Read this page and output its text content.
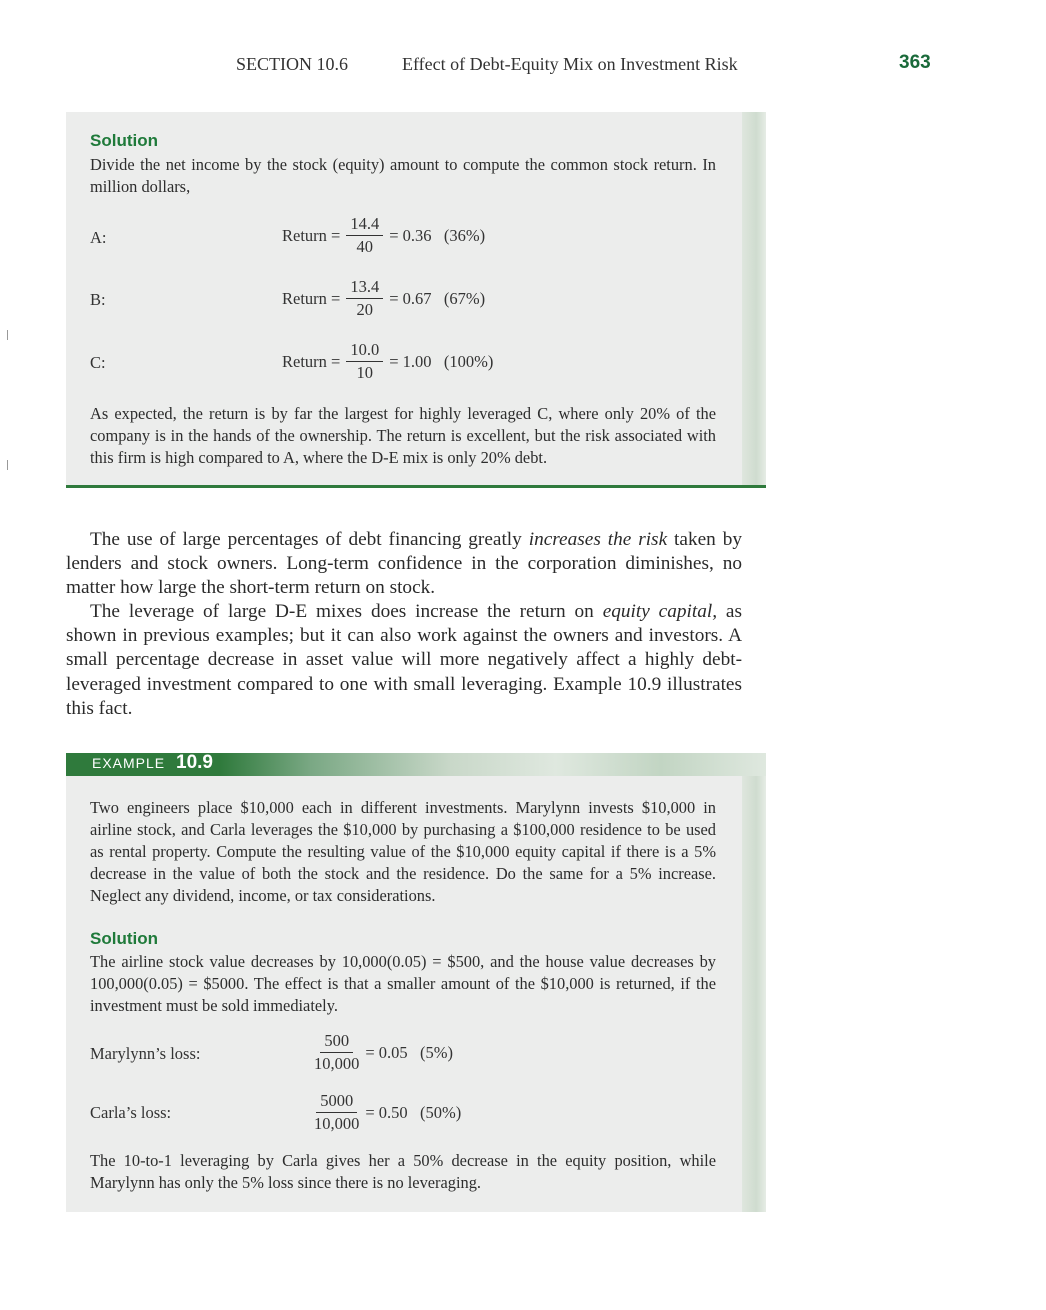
SECTION 10.6	Effect of Debt-Equity Mix on Investment Risk	363
Solution
Divide the net income by the stock (equity) amount to compute the common stock return. In million dollars,
A:	Return = $\frac{14.4}{40} = 0.36$   (36%)
B:	Return = $\frac{13.4}{20} = 0.67$   (67%)
C:	Return = $\frac{10.0}{10} = 1.00$   (100%)
As expected, the return is by far the largest for highly leveraged C, where only 20% of the company is in the hands of the ownership. The return is excellent, but the risk associated with this firm is high compared to A, where the D-E mix is only 20% debt.
The use of large percentages of debt financing greatly increases the risk taken by lenders and stock owners. Long-term confidence in the corporation diminishes, no matter how large the short-term return on stock.
The leverage of large D-E mixes does increase the return on equity capital, as shown in previous examples; but it can also work against the owners and investors. A small percentage decrease in asset value will more negatively affect a highly debt-leveraged investment compared to one with small leveraging. Example 10.9 illustrates this fact.
EXAMPLE 10.9
Two engineers place $10,000 each in different investments. Marylynn invests $10,000 in airline stock, and Carla leverages the $10,000 by purchasing a $100,000 residence to be used as rental property. Compute the resulting value of the $10,000 equity capital if there is a 5% decrease in the value of both the stock and the residence. Do the same for a 5% increase. Neglect any dividend, income, or tax considerations.
Solution
The airline stock value decreases by 10,000(0.05) = $500, and the house value decreases by 100,000(0.05) = $5000. The effect is that a smaller amount of the $10,000 is returned, if the investment must be sold immediately.
Marylynn’s loss:	$\frac{500}{10,000} = 0.05$   (5%)
Carla’s loss:	$\frac{5000}{10,000} = 0.50$   (50%)
The 10-to-1 leveraging by Carla gives her a 50% decrease in the equity position, while Marylynn has only the 5% loss since there is no leveraging.
